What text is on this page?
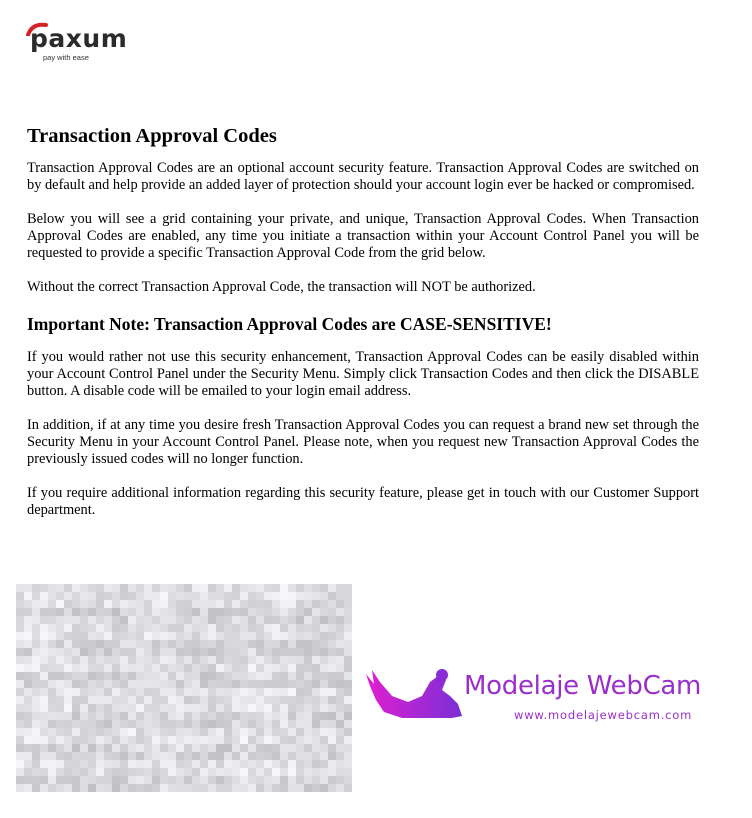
paxum
pay with ease
Transaction Approval Codes

Transaction Approval Codes are an optional account security feature. Transaction Approval Codes are switched on by default and help provide an added layer of protection should your account login ever be hacked or compromised.

Below you will see a grid containing your private, and unique, Transaction Approval Codes. When Transaction Approval Codes are enabled, any time you initiate a transaction within your Account Control Panel you will be requested to provide a specific Transaction Approval Code from the grid below.

Without the correct Transaction Approval Code, the transaction will NOT be authorized.

Important Note: Transaction Approval Codes are CASE-SENSITIVE!

If you would rather not use this security enhancement, Transaction Approval Codes can be easily disabled within your Account Control Panel under the Security Menu. Simply click Transaction Codes and then click the DISABLE button. A disable code will be emailed to your login email address.

In addition, if at any time you desire fresh Transaction Approval Codes you can request a brand new set through the Security Menu in your Account Control Panel. Please note, when you request new Transaction Approval Codes the previously issued codes will no longer function.

If you require additional information regarding this security feature, please get in touch with our Customer Support department.

Modelaje WebCam
www.modelajewebcam.com
